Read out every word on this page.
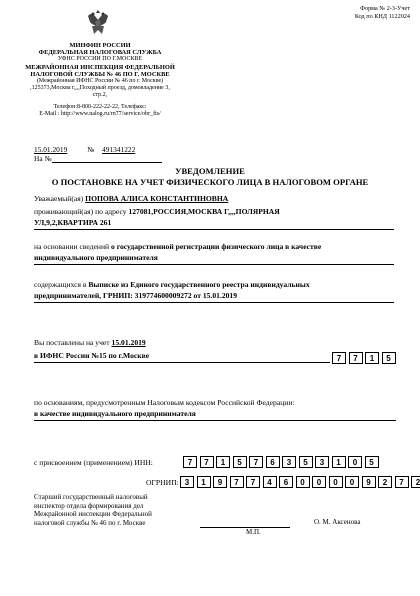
Форма № 2-3-Учет
Код по КНД 1122024
МИНФИН РОССИИ
ФЕДЕРАЛЬНАЯ НАЛОГОВАЯ СЛУЖБА
УФНС РОССИИ ПО Г.МОСКВЕ
МЕЖРАЙОННАЯ ИНСПЕКЦИЯ ФЕДЕРАЛЬНОЙ
НАЛОГОВОЙ СЛУЖБЫ № 46 ПО Г. МОСКВЕ
(Межрайонная ИФНС России № 46 по г. Москве)
,125373,Москва г,,,,Походный проезд, домовладение 3,
стр.2,
Телефон:8-800-222-22-22, Телефакс:
E-Mail : http://www.nalog.ru/rn77/service/obr_fts/
15.01.2019	№ 491341222
На №
УВЕДОМЛЕНИЕ
О ПОСТАНОВКЕ НА УЧЕТ ФИЗИЧЕСКОГО ЛИЦА В НАЛОГОВОМ ОРГАНЕ
Уважаемый(ая) ПОПОВА АЛИСА КОНСТАНТИНОВНА
проживающий(ая) по адресу 127081,РОССИЯ,МОСКВА Г,,,,ПОЛЯРНАЯ
УЛ,9,2,КВАРТИРА 261
на основании сведений о государственной регистрации физического лица в качестве
индивидуального предпринимателя
содержащихся в Выписке из Единого государственного реестра индивидуальных
предпринимателей, ГРНИП: 319774600009272 от 15.01.2019
Вы поставлены на учет 15.01.2019
в ИФНС России №15 по г.Москве	7	7	1	5
по основаниям, предусмотренным Налоговым кодексом Российской Федерации:
в качестве индивидуального предпринимателя
с присвоением (применением) ИНН:	7	7	1	5	7	6	3	5	3	1	0	5
ОГРНИП: 3	1	9	7	7	4	6	0	0	0	0	9	2	7	2
Старший государственный налоговый
инспектор отдела формирования дел
Межрайонной инспекции Федеральной
налоговой службы № 46 по г. Москве	О. М. Аксенова
М.П.
